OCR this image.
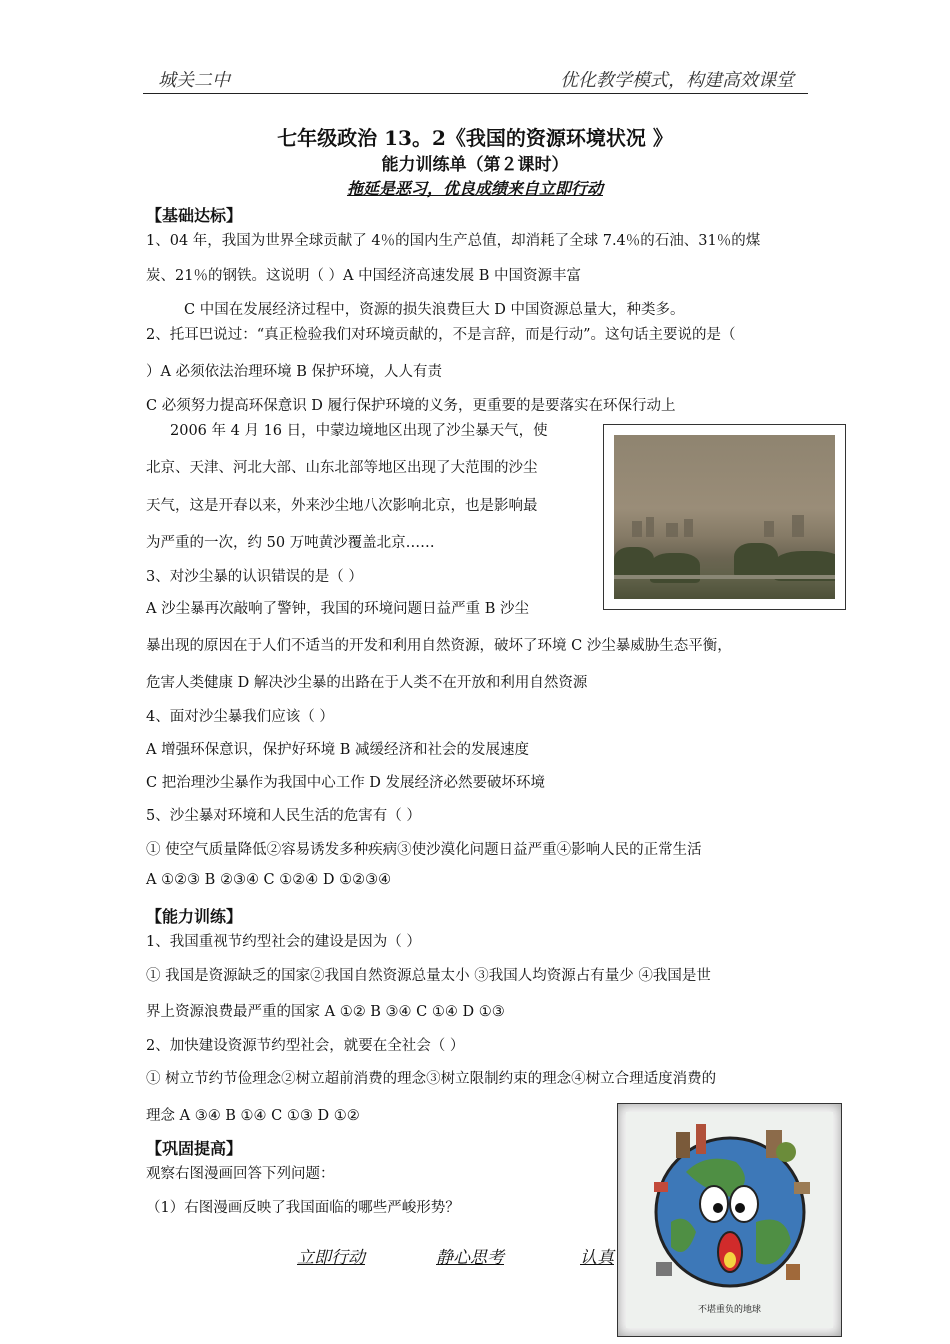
城关二中	优化教学模式，构建高效课堂
七年级政治 13。2《我国的资源环境状况 》
能力训练单（第２课时）
拖延是恶习，优良成绩来自立即行动
【基础达标】
1、04 年，我国为世界全球贡献了 4％的国内生产总值，却消耗了全球 7.4％的石油、31％的煤
炭、21％的钢铁。这说明（ ）A 中国经济高速发展 B 中国资源丰富
C 中国在发展经济过程中，资源的损失浪费巨大 D 中国资源总量大，种类多。
2、托耳巴说过：“真正检验我们对环境贡献的，不是言辞，而是行动”。这句话主要说的是（
）A 必须依法治理环境 B 保护环境，人人有责
C 必须努力提高环保意识 D 履行保护环境的义务，更重要的是要落实在环保行动上
2006 年 4 月 16 日，中蒙边境地区出现了沙尘暴天气，使
北京、天津、河北大部、山东北部等地区出现了大范围的沙尘
天气，这是开春以来，外来沙尘地八次影响北京，也是影响最
为严重的一次，约 50 万吨黄沙覆盖北京……
3、对沙尘暴的认识错误的是（ ）
A 沙尘暴再次敲响了警钟，我国的环境问题日益严重 B 沙尘
暴出现的原因在于人们不适当的开发和利用自然资源，破坏了环境 C 沙尘暴威胁生态平衡，
危害人类健康 D 解决沙尘暴的出路在于人类不在开放和利用自然资源
4、面对沙尘暴我们应该（ ）
A 增强环保意识，保护好环境 B 减缓经济和社会的发展速度
C 把治理沙尘暴作为我国中心工作 D 发展经济必然要破坏环境
5、沙尘暴对环境和人民生活的危害有（ ）
① 使空气质量降低②容易诱发多种疾病③使沙漠化问题日益严重④影响人民的正常生活
A ①②③ B ②③④ C ①②④ D ①②③④
【能力训练】
1、我国重视节约型社会的建设是因为（ ）
① 我国是资源缺乏的国家②我国自然资源总量太小 ③我国人均资源占有量少 ④我国是世
界上资源浪费最严重的国家 A ①② B ③④ C ①④ D ①③
2、加快建设资源节约型社会，就要在全社会（ ）
① 树立节约节俭理念②树立超前消费的理念③树立限制约束的理念④树立合理适度消费的
理念 A ③④ B ①④ C ①③ D ①②
【巩固提高】
观察右图漫画回答下列问题：
（1）右图漫画反映了我国面临的哪些严峻形势？
不堪重负的地球
立即行动	静心思考	认真
